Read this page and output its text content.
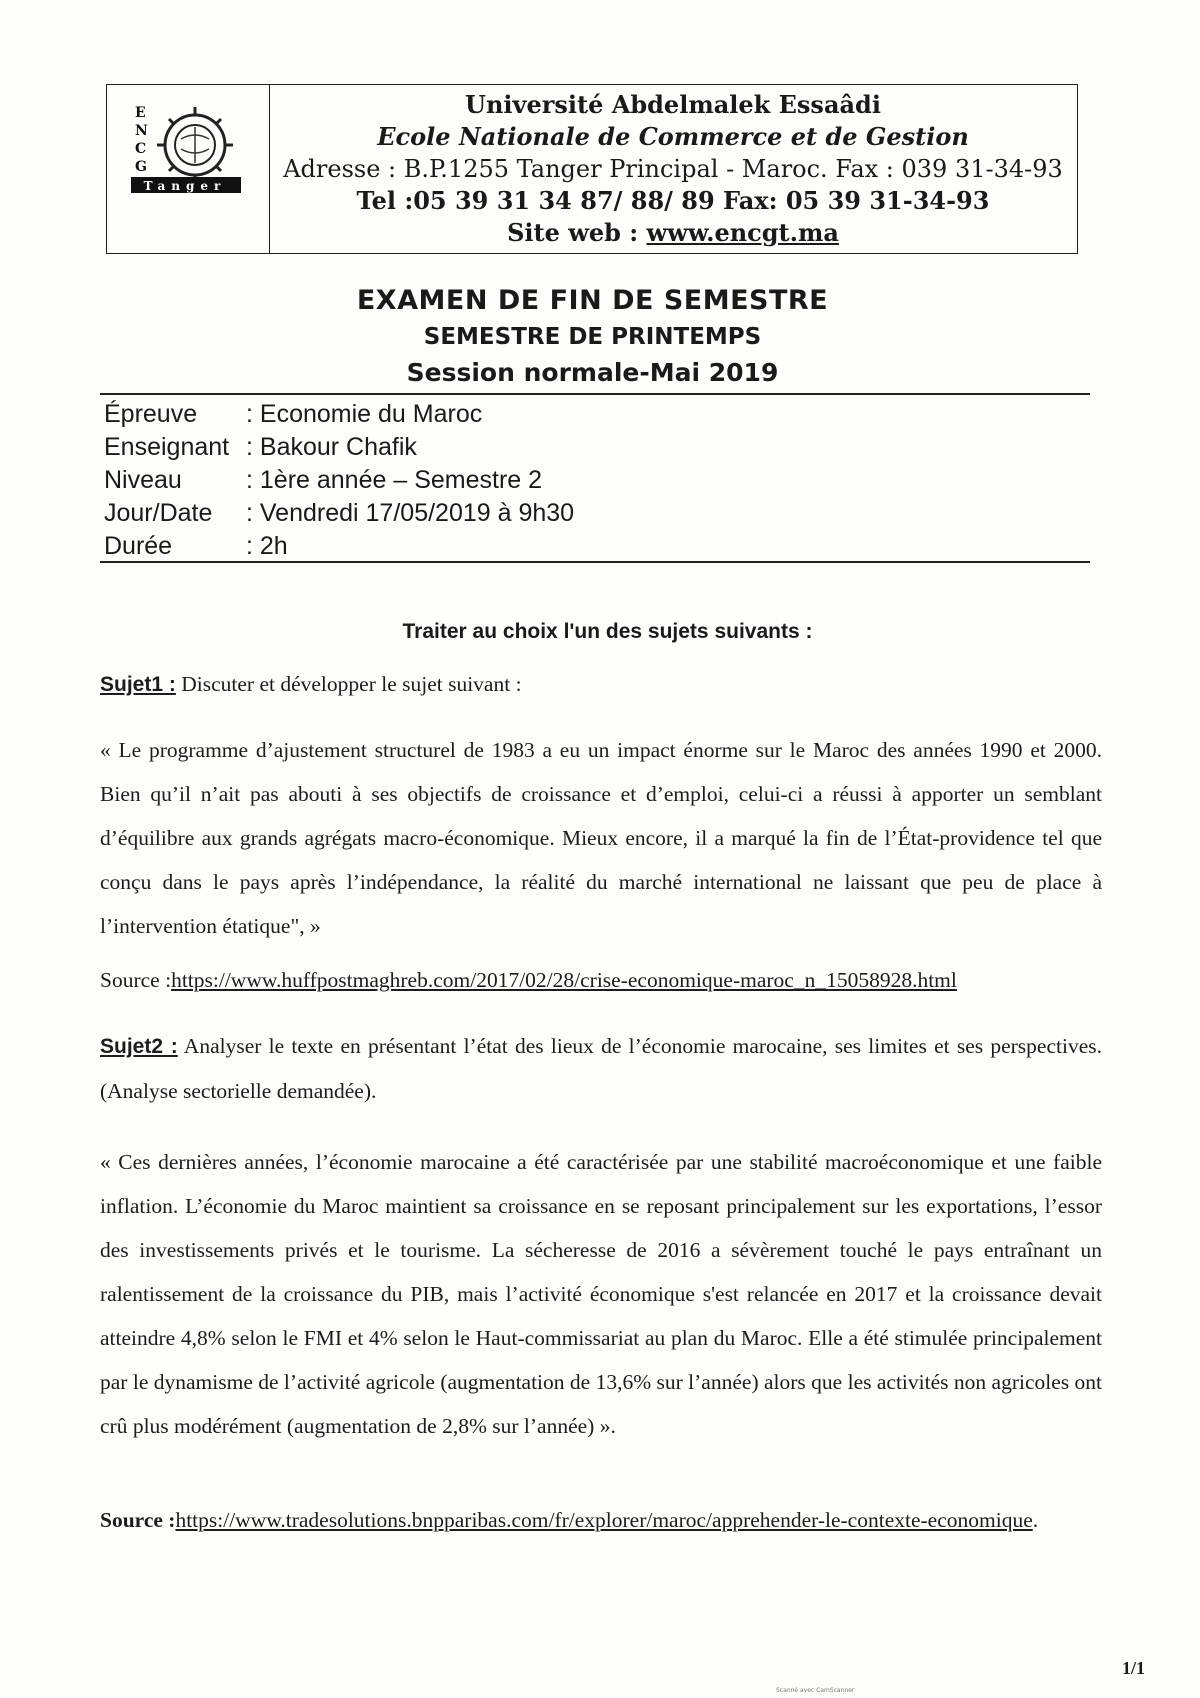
E
N
C
G
Tanger
Université Abdelmalek Essaâdi
Ecole Nationale de Commerce et de Gestion
Adresse : B.P.1255 Tanger Principal - Maroc. Fax : 039 31-34-93
Tel :05 39 31 34 87/ 88/ 89 Fax: 05 39 31-34-93
Site web : www.encgt.ma
EXAMEN DE FIN DE SEMESTRE
SEMESTRE DE PRINTEMPS
Session normale-Mai 2019
Épreuve	: Economie du Maroc
Enseignant : Bakour Chafik
Niveau	: 1ère année – Semestre 2
Jour/Date	: Vendredi 17/05/2019 à 9h30
Durée	: 2h
Traiter au choix l'un des sujets suivants :
Sujet1 : Discuter et développer le sujet suivant :
« Le programme d’ajustement structurel de 1983 a eu un impact énorme sur le Maroc des années 1990 et 2000. Bien qu’il n’ait pas abouti à ses objectifs de croissance et d’emploi, celui-ci a réussi à apporter un semblant d’équilibre aux grands agrégats macro-économique. Mieux encore, il a marqué la fin de l’État-providence tel que conçu dans le pays après l’indépendance, la réalité du marché international ne laissant que peu de place à l’intervention étatique", »
Source :https://www.huffpostmaghreb.com/2017/02/28/crise-economique-maroc_n_15058928.html
Sujet2 : Analyser le texte en présentant l’état des lieux de l’économie marocaine, ses limites et ses perspectives. (Analyse sectorielle demandée).
« Ces dernières années, l’économie marocaine a été caractérisée par une stabilité macroéconomique et une faible inflation. L’économie du Maroc maintient sa croissance en se reposant principalement sur les exportations, l’essor des investissements privés et le tourisme. La sécheresse de 2016 a sévèrement touché le pays entraînant un ralentissement de la croissance du PIB, mais l’activité économique s'est relancée en 2017 et la croissance devait atteindre 4,8% selon le FMI et 4% selon le Haut-commissariat au plan du Maroc. Elle a été stimulée principalement par le dynamisme de l’activité agricole (augmentation de 13,6% sur l’année) alors que les activités non agricoles ont crû plus modérément (augmentation de 2,8% sur l’année) ».
Source :https://www.tradesolutions.bnpparibas.com/fr/explorer/maroc/apprehender-le-contexte-economique.
1/1
Scanné avec CamScanner
